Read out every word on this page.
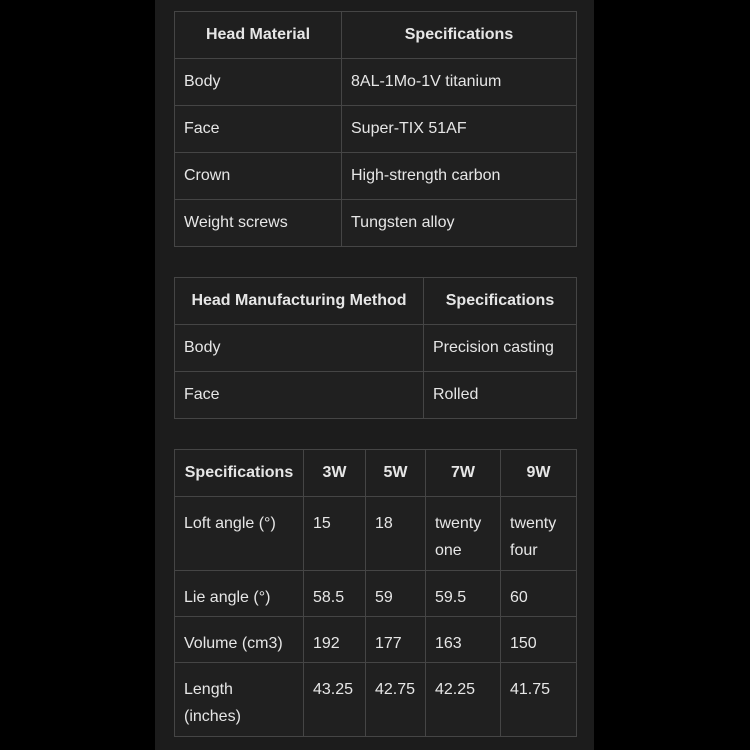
Head Material	Specifications
Body	8AL-1Mo-1V titanium
Face	Super-TIX 51AF
Crown	High-strength carbon
Weight screws	Tungsten alloy
Head Manufacturing Method	Specifications
Body	Precision casting
Face	Rolled
Specifications	3W	5W	7W	9W
Loft angle (°)	15	18	twenty one	twenty four
Lie angle (°)	58.5	59	59.5	60
Volume (cm3)	192	177	163	150
Length (inches)	43.25	42.75	42.25	41.75
